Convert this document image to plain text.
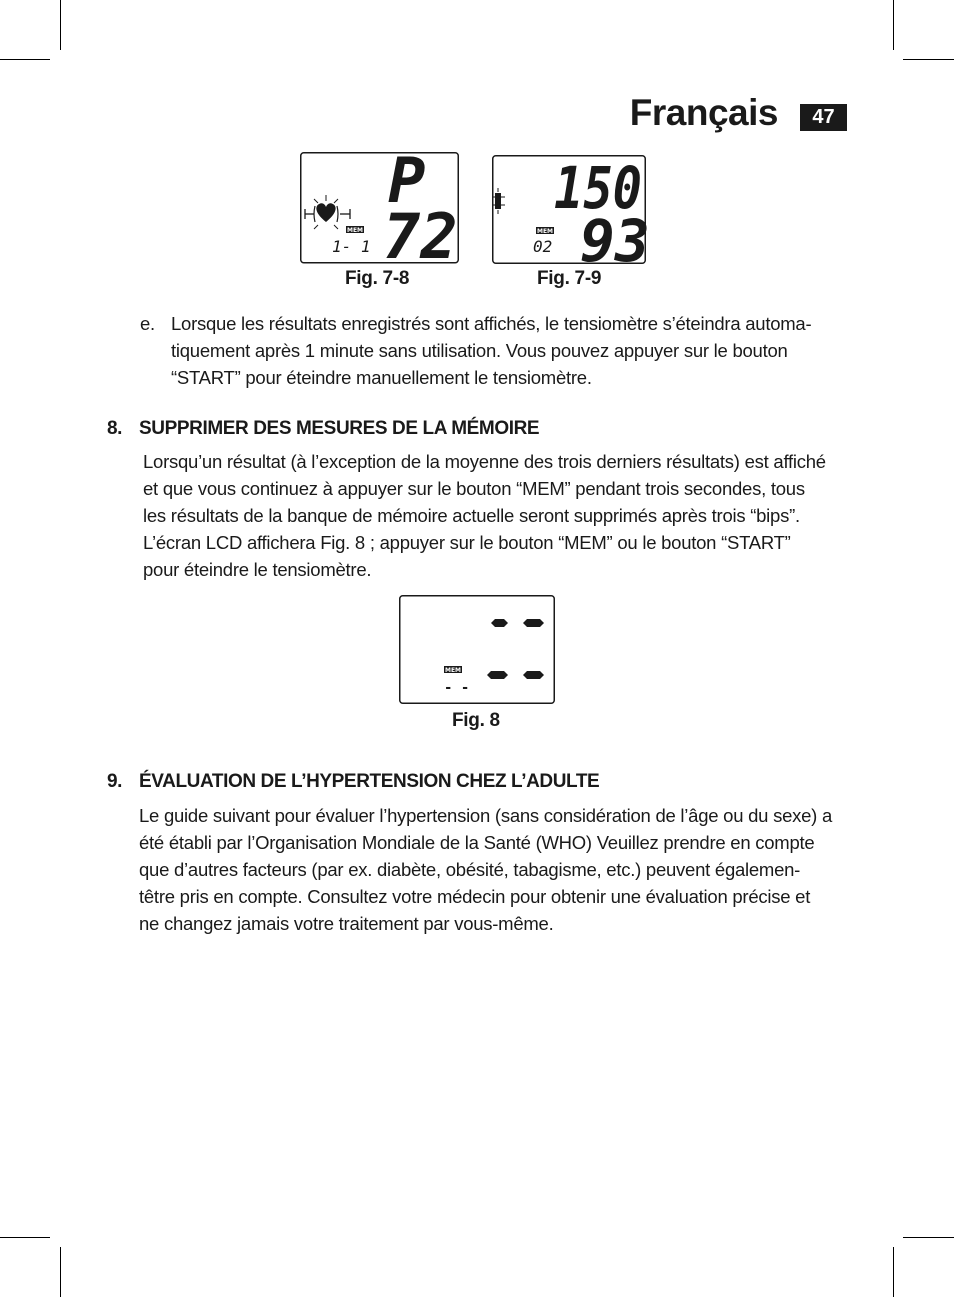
Français	47
P
72
MEM
1- 1
Fig. 7-8
150
93
MEM
02
Fig. 7-9
e. Lorsque les résultats enregistrés sont affichés, le tensiomètre s’éteindra automa-

tiquement après 1 minute sans utilisation. Vous pouvez appuyer sur le bouton

“START” pour éteindre manuellement le tensiomètre.

8. SUPPRIMER DES MESURES DE LA MÉMOIRE

Lorsqu’un résultat (à l’exception de la moyenne des trois derniers résultats) est affiché

et que vous continuez à appuyer sur le bouton “MEM” pendant trois secondes, tous

les résultats de la banque de mémoire actuelle seront supprimés après trois “bips”.

L’écran LCD affichera Fig. 8 ; appuyer sur le bouton “MEM” ou le bouton “START”

pour éteindre le tensiomètre.

MEM
- -
Fig. 8
9. ÉVALUATION DE L’HYPERTENSION CHEZ L’ADULTE

Le guide suivant pour évaluer l’hypertension (sans considération de l’âge ou du sexe) a

été établi par l’Organisation Mondiale de la Santé (WHO) Veuillez prendre en compte

que d’autres facteurs (par ex. diabète, obésité, tabagisme, etc.) peuvent égalemen-

têtre pris en compte. Consultez votre médecin pour obtenir une évaluation précise et

ne changez jamais votre traitement par vous-même.
